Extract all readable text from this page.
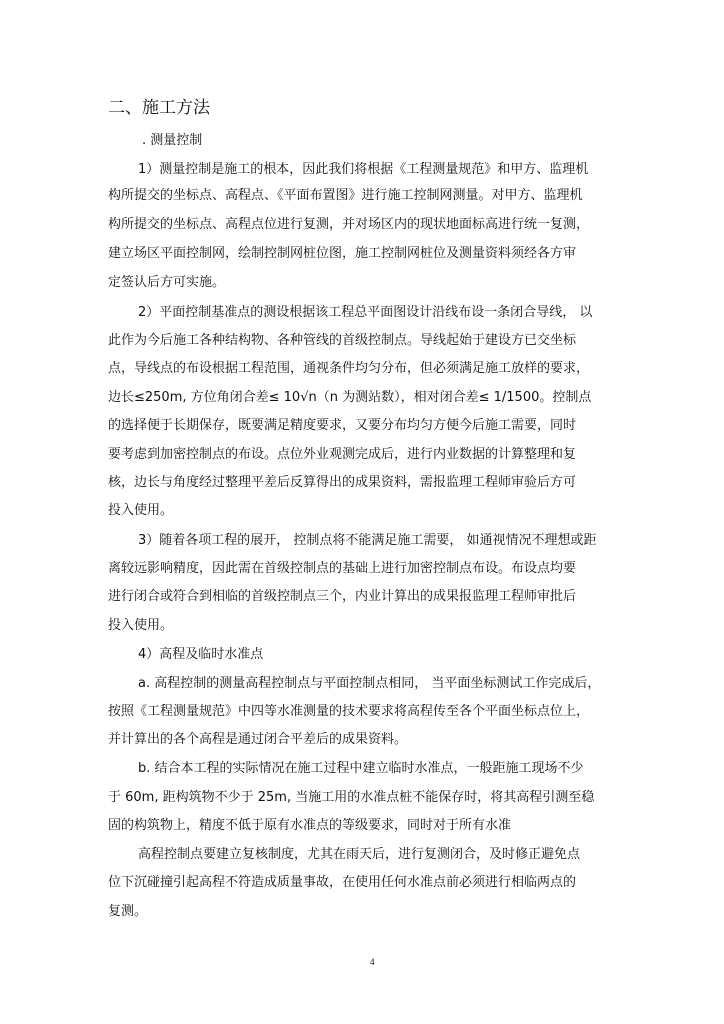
二、施工方法
. 测量控制
1）测量控制是施工的根本，因此我们将根据《工程测量规范》和甲方、监理机
构所提交的坐标点、高程点、《平面布置图》进行施工控制网测量。对甲方、监理机
构所提交的坐标点、高程点位进行复测，并对场区内的现状地面标高进行统一复测，
建立场区平面控制网，绘制控制网桩位图，施工控制网桩位及测量资料须经各方审
定签认后方可实施。
2）平面控制基准点的测设根据该工程总平面图设计沿线布设一条闭合导线， 以
此作为今后施工各种结构物、各种管线的首级控制点。导线起始于建设方已交坐标
点，导线点的布设根据工程范围，通视条件均匀分布，但必须满足施工放样的要求，
边长≤250m, 方位角闭合差≤ 10√n（n 为测站数），相对闭合差≤ 1/1500。控制点
的选择便于长期保存，既要满足精度要求，又要分布均匀方便今后施工需要，同时
要考虑到加密控制点的布设。点位外业观测完成后，进行内业数据的计算整理和复
核，边长与角度经过整理平差后反算得出的成果资料，需报监理工程师审验后方可
投入使用。
3）随着各项工程的展开， 控制点将不能满足施工需要， 如通视情况不理想或距
离较远影响精度，因此需在首级控制点的基础上进行加密控制点布设。布设点均要
进行闭合或符合到相临的首级控制点三个，内业计算出的成果报监理工程师审批后
投入使用。
4）高程及临时水准点
a. 高程控制的测量高程控制点与平面控制点相同， 当平面坐标测试工作完成后，
按照《工程测量规范》中四等水准测量的技术要求将高程传至各个平面坐标点位上，
并计算出的各个高程是通过闭合平差后的成果资料。
b. 结合本工程的实际情况在施工过程中建立临时水准点，一般距施工现场不少
于 60m, 距构筑物不少于 25m, 当施工用的水准点桩不能保存时，将其高程引测至稳
固的构筑物上，精度不低于原有水准点的等级要求，同时对于所有水准
高程控制点要建立复核制度，尤其在雨天后，进行复测闭合，及时修正避免点
位下沉碰撞引起高程不符造成质量事故，在使用任何水准点前必须进行相临两点的
复测。
4
